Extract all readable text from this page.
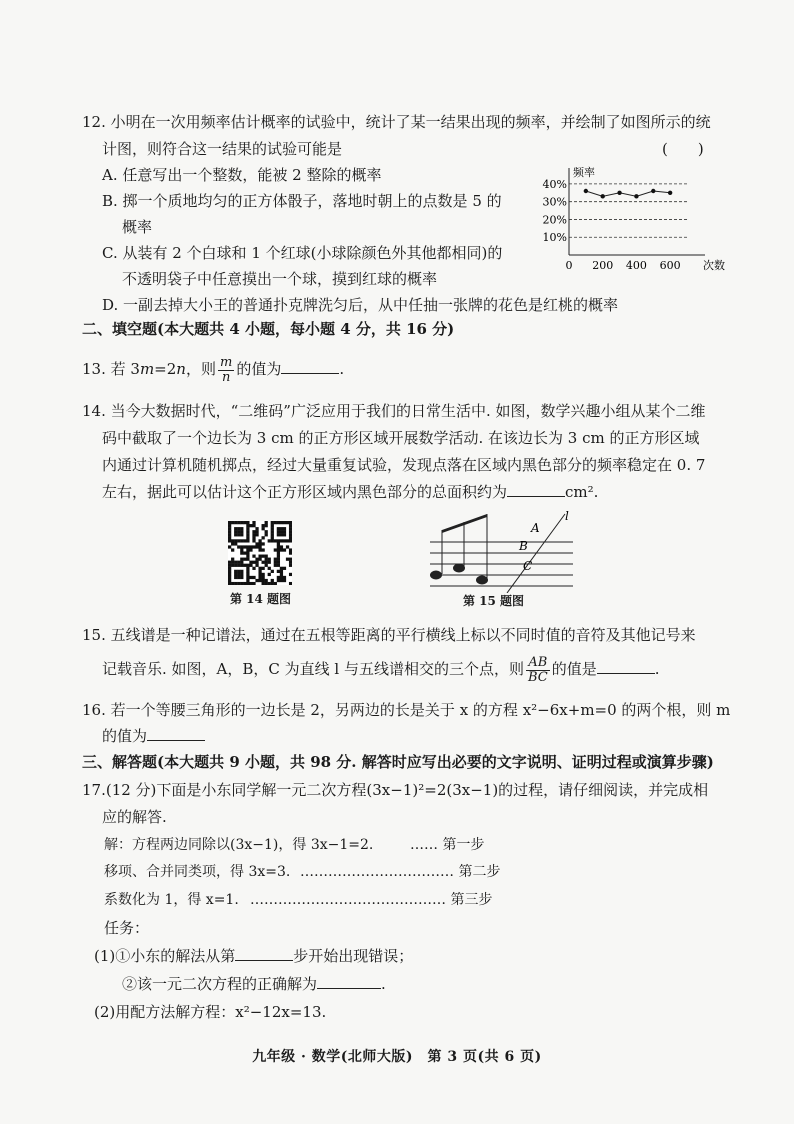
12. 小明在一次用频率估计概率的试验中，统计了某一结果出现的频率，并绘制了如图所示的统
计图，则符合这一结果的试验可能是	(　　)
A. 任意写出一个整数，能被 2 整除的概率
B. 掷一个质地均匀的正方体骰子，落地时朝上的点数是 5 的
概率
C. 从装有 2 个白球和 1 个红球(小球除颜色外其他都相同)的
不透明袋子中任意摸出一个球，摸到红球的概率
D. 一副去掉大小王的普通扑克牌洗匀后，从中任抽一张牌的花色是红桃的概率
10%
20%
30%
40%
0 200 400 600
频率
次数
二、填空题(本大题共 4 小题，每小题 4 分，共 16 分)
13. 若 3m=2n，则 $\frac{m}{n}$ 的值为	.
14. 当今大数据时代，“二维码”广泛应用于我们的日常生活中. 如图，数学兴趣小组从某个二维
码中截取了一个边长为 3 cm 的正方形区域开展数学活动. 在该边长为 3 cm 的正方形区域
内通过计算机随机掷点，经过大量重复试验，发现点落在区域内黑色部分的频率稳定在 0. 7
左右，据此可以估计这个正方形区域内黑色部分的总面积约为	cm².
第 14 题图
A
l
B
C
第 15 题图
15. 五线谱是一种记谱法，通过在五根等距离的平行横线上标以不同时值的音符及其他记号来
记载音乐. 如图，A，B，C 为直线 l 与五线谱相交的三个点，则 $\frac{AB}{BC}$ 的值是	.
16. 若一个等腰三角形的一边长是 2，另两边的长是关于 x 的方程 x²−6x+m=0 的两个根，则 m
的值为
三、解答题(本大题共 9 小题，共 98 分. 解答时应写出必要的文字说明、证明过程或演算步骤)
17.(12 分)下面是小东同学解一元二次方程(3x−1)²=2(3x−1)的过程，请仔细阅读，并完成相
应的解答.
解：方程两边同除以(3x−1)，得 3x−1=2.	…… 第一步
移项、合并同类项，得 3x=3. …………………………… 第二步
系数化为 1，得 x=1. …………………………………… 第三步
任务：
(1)①小东的解法从第	步开始出现错误；
②该一元二次方程的正确解为	.
(2)用配方法解方程：x²−12x=13.
九年级 · 数学(北师大版)　第 3 页(共 6 页)
